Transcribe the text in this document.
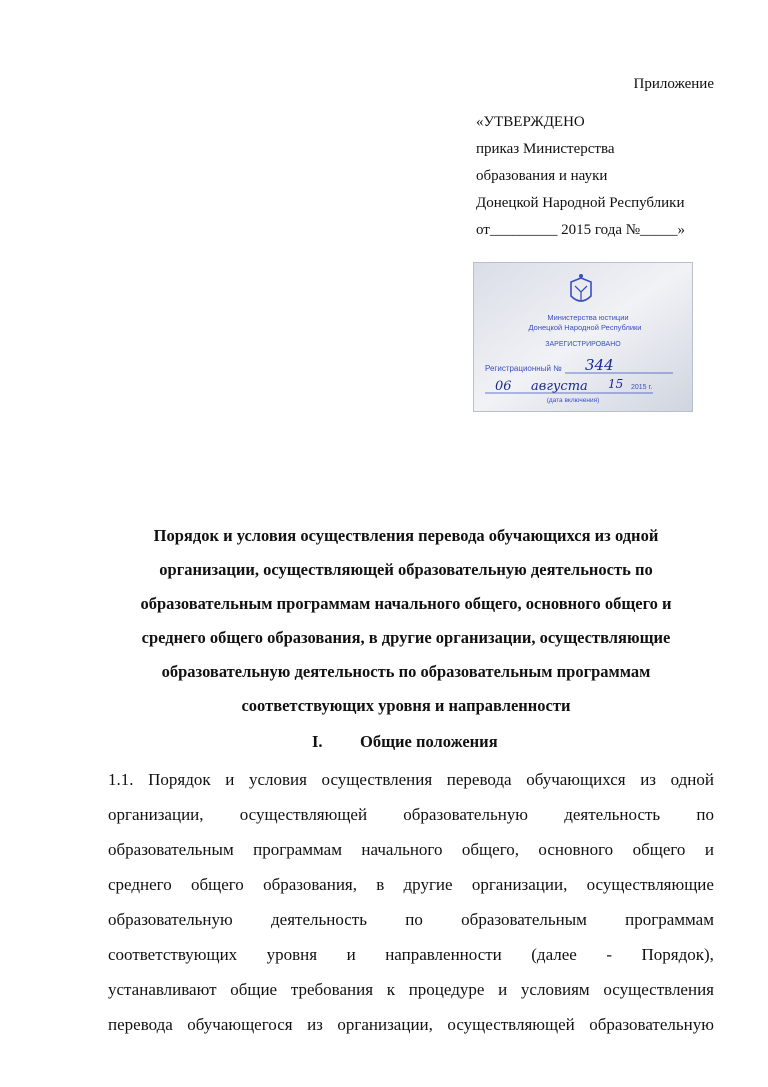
Приложение
«УТВЕРЖДЕНО
приказ Министерства
образования и науки
Донецкой Народной Республики
от_________ 2015 года №_____»
Министерства юстиции
Донецкой Народной Республики
ЗАРЕГИСТРИРОВАНО
Регистрационный № 344
06 августа 15 2015 г.
(дата включения)
Порядок и условия осуществления перевода обучающихся из одной
организации, осуществляющей образовательную деятельность по
образовательным программам начального общего, основного общего и
среднего общего образования, в другие организации, осуществляющие
образовательную деятельность по образовательным программам
соответствующих уровня и направленности
I. Общие положения
1.1. Порядок и условия осуществления перевода обучающихся из одной
организации, осуществляющей образовательную деятельность по
образовательным программам начального общего, основного общего и
среднего общего образования, в другие организации, осуществляющие
образовательную деятельность по образовательным программам
соответствующих уровня и направленности (далее - Порядок),
устанавливают общие требования к процедуре и условиям осуществления
перевода обучающегося из организации, осуществляющей образовательную
